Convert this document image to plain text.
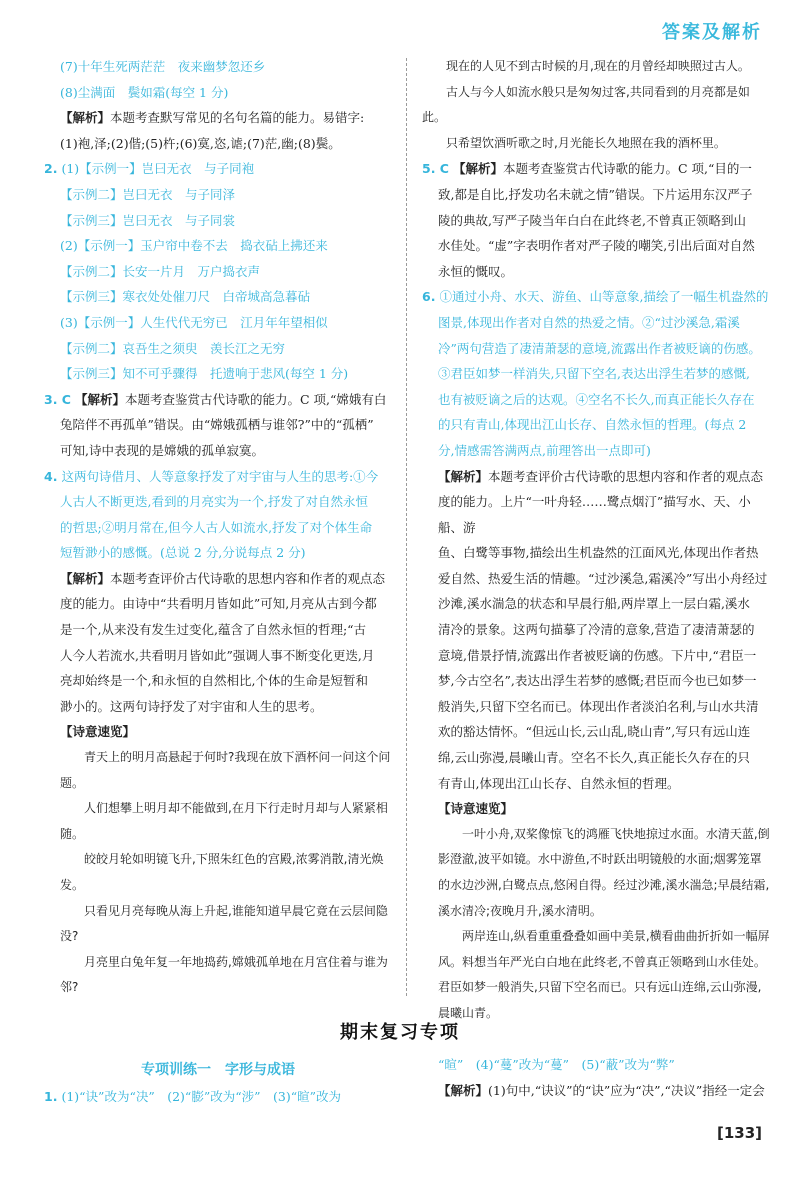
答案及解析

(7)十年生死两茫茫　夜来幽梦忽还乡

(8)尘满面　鬓如霜(每空 1 分)

【解析】本题考查默写常见的名句名篇的能力。易错字:

(1)袍,泽;(2)偕;(5)杵;(6)寞,恣,谑;(7)茫,幽;(8)鬓。

2. (1)【示例一】岂曰无衣　与子同袍

【示例二】岂曰无衣　与子同泽

【示例三】岂曰无衣　与子同裳

(2)【示例一】玉户帘中卷不去　捣衣砧上拂还来

【示例二】长安一片月　万户捣衣声

【示例三】寒衣处处催刀尺　白帝城高急暮砧

(3)【示例一】人生代代无穷已　江月年年望相似

【示例二】哀吾生之须臾　羡长江之无穷

【示例三】知不可乎骤得　托遗响于悲风(每空 1 分)

3. C 【解析】本题考查鉴赏古代诗歌的能力。C 项,“嫦娥有白

兔陪伴不再孤单”错误。由“嫦娥孤栖与谁邻?”中的“孤栖”

可知,诗中表现的是嫦娥的孤单寂寞。

4. 这两句诗借月、人等意象抒发了对宇宙与人生的思考:①今

人古人不断更迭,看到的月亮实为一个,抒发了对自然永恒

的哲思;②明月常在,但今人古人如流水,抒发了对个体生命

短暂渺小的感慨。(总说 2 分,分说每点 2 分)

【解析】本题考查评价古代诗歌的思想内容和作者的观点态

度的能力。由诗中“共看明月皆如此”可知,月亮从古到今都

是一个,从来没有发生过变化,蕴含了自然永恒的哲理;“古

人今人若流水,共看明月皆如此”强调人事不断变化更迭,月

亮却始终是一个,和永恒的自然相比,个体的生命是短暂和

渺小的。这两句诗抒发了对宇宙和人生的思考。

【诗意速览】

青天上的明月高悬起于何时?我现在放下酒杯问一问这个问题。

人们想攀上明月却不能做到,在月下行走时月却与人紧紧相随。

皎皎月轮如明镜飞升,下照朱红色的宫殿,浓雾消散,清光焕发。

只看见月亮每晚从海上升起,谁能知道早晨它竟在云层间隐没?

月亮里白兔年复一年地捣药,嫦娥孤单地在月宫住着与谁为邻?

现在的人见不到古时候的月,现在的月曾经却映照过古人。

古人与今人如流水般只是匆匆过客,共同看到的月亮都是如此。

只希望饮酒听歌之时,月光能长久地照在我的酒杯里。

5. C 【解析】本题考查鉴赏古代诗歌的能力。C 项,“目的一

致,都是自比,抒发功名未就之情”错误。下片运用东汉严子

陵的典故,写严子陵当年白白在此终老,不曾真正领略到山

水佳处。“虚”字表明作者对严子陵的嘲笑,引出后面对自然

永恒的慨叹。

6. ①通过小舟、水天、游鱼、山等意象,描绘了一幅生机盎然的

图景,体现出作者对自然的热爱之情。②“过沙溪急,霜溪

冷”两句营造了凄清萧瑟的意境,流露出作者被贬谪的伤感。

③君臣如梦一样消失,只留下空名,表达出浮生若梦的感慨,

也有被贬谪之后的达观。④空名不长久,而真正能长久存在

的只有青山,体现出江山长存、自然永恒的哲理。(每点 2

分,情感需答满两点,前理答出一点即可)

【解析】本题考查评价古代诗歌的思想内容和作者的观点态

度的能力。上片“一叶舟轻……鹭点烟汀”描写水、天、小船、游

鱼、白鹭等事物,描绘出生机盎然的江面风光,体现出作者热

爱自然、热爱生活的情趣。“过沙溪急,霜溪冷”写出小舟经过

沙滩,溪水湍急的状态和早晨行船,两岸罩上一层白霜,溪水

清冷的景象。这两句描摹了冷清的意象,营造了凄清萧瑟的

意境,借景抒情,流露出作者被贬谪的伤感。下片中,“君臣一

梦,今古空名”,表达出浮生若梦的感慨;君臣而今也已如梦一

般消失,只留下空名而已。体现出作者淡泊名利,与山水共清

欢的豁达情怀。“但远山长,云山乱,晓山青”,写只有远山连

绵,云山弥漫,晨曦山青。空名不长久,真正能长久存在的只

有青山,体现出江山长存、自然永恒的哲理。

【诗意速览】

一叶小舟,双桨像惊飞的鸿雁飞快地掠过水面。水清天蓝,倒影澄澈,波平如镜。水中游鱼,不时跃出明镜般的水面;烟雾笼罩的水边沙洲,白鹭点点,悠闲自得。经过沙滩,溪水湍急;早晨结霜,溪水清冷;夜晚月升,溪水清明。

两岸连山,纵看重重叠叠如画中美景,横看曲曲折折如一幅屏风。料想当年严光白白地在此终老,不曾真正领略到山水佳处。君臣如梦一般消失,只留下空名而已。只有远山连绵,云山弥漫,晨曦山青。

期末复习专项
专项训练一 字形与成语

1. (1)“诀”改为“决”　(2)“膨”改为“涉”　(3)“暄”改为

“暄”　(4)“蔓”改为“蔓”　(5)“蔽”改为“弊”

【解析】(1)句中,“诀议”的“诀”应为“决”,“决议”指经一定会

[133]
